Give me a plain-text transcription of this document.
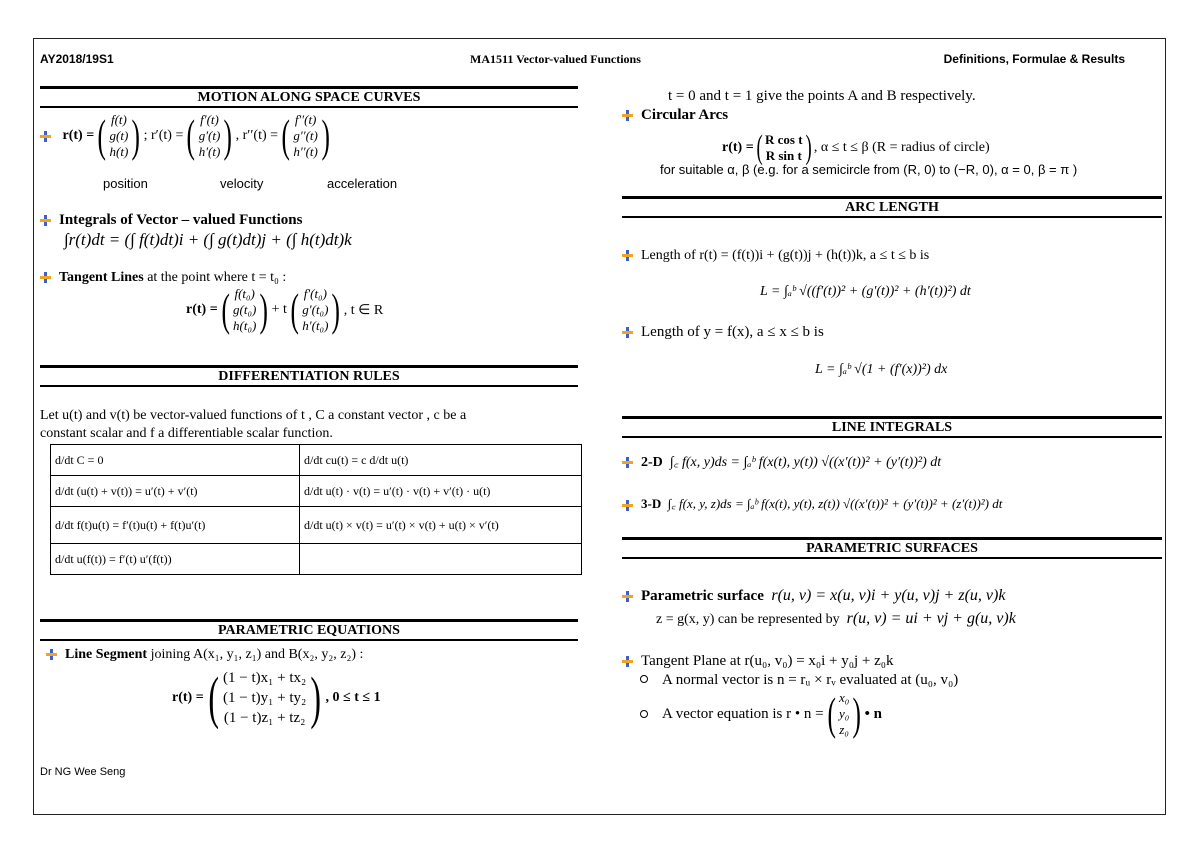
AY2018/19S1	MA1511 Vector-valued Functions	Definitions, Formulae & Results
MOTION ALONG SPACE CURVES

r(t) = ( f(t)
g(t)
h(t) ) ; r′(t) = ( f′(t)
g′(t)
h′(t) ) , r′′(t) = ( f′′(t)
g′′(t)
h′′(t) )
position	velocity	acceleration
Integrals of Vector – valued Functions
∫r(t)dt = (∫ f(t)dt)i + (∫ g(t)dt)j + (∫ h(t)dt)k
Tangent Lines at the point where t = t₀ :
r(t) = ( f(t₀)
g(t₀)
h(t₀) ) + t ( f′(t₀)
g′(t₀)
h′(t₀) ) , t ∈ R
DIFFERENTIATION RULES
Let u(t) and v(t) be vector-valued functions of t , C a constant vector , c be a
constant scalar and f a differentiable scalar function.
d/dt C = 0	d/dt cu(t) = c d/dt u(t)
d/dt (u(t) + v(t)) = u′(t) + v′(t)	d/dt u(t) · v(t) = u′(t) · v(t) + v′(t) · u(t)
d/dt f(t)u(t) = f′(t)u(t) + f(t)u′(t)	d/dt u(t) × v(t) = u′(t) × v(t) + u(t) × v′(t)
d/dt u(f(t)) = f′(t) u′(f(t))	
PARAMETRIC EQUATIONS
Line Segment joining A(x₁, y₁, z₁) and B(x₂, y₂, z₂) :
r(t) = ( (1 − t)x₁ + tx₂
(1 − t)y₁ + ty₂
(1 − t)z₁ + tz₂ ) , 0 ≤ t ≤ 1
Dr NG Wee Seng
t = 0 and t = 1 give the points A and B respectively.
Circular Arcs
r(t) = ( R cos t
R sin t ) , α ≤ t ≤ β (R = radius of circle)
for suitable α, β (e.g. for a semicircle from (R, 0) to (−R, 0), α = 0, β = π )
ARC LENGTH
Length of r(t) = (f(t))i + (g(t))j + (h(t))k, a ≤ t ≤ b is
L = ∫ₐᵇ √((f′(t))² + (g′(t))² + (h′(t))²) dt
Length of y = f(x), a ≤ x ≤ b is
L = ∫ₐᵇ √(1 + (f′(x))²) dx
LINE INTEGRALS
2-D ∫꜀ f(x, y)ds = ∫ₐᵇ f(x(t), y(t)) √((x′(t))² + (y′(t))²) dt
3-D ∫꜀ f(x, y, z)ds = ∫ₐᵇ f(x(t), y(t), z(t)) √((x′(t))² + (y′(t))² + (z′(t))²) dt
PARAMETRIC SURFACES
Parametric surface r(u, v) = x(u, v)i + y(u, v)j + z(u, v)k
z = g(x, y) can be represented by r(u, v) = ui + vj + g(u, v)k
Tangent Plane at r(u₀, v₀) = x₀i + y₀j + z₀k
A normal vector is n = rᵤ × rᵥ evaluated at (u₀, v₀)
A vector equation is r • n = ( x₀
y₀
z₀ ) • n
